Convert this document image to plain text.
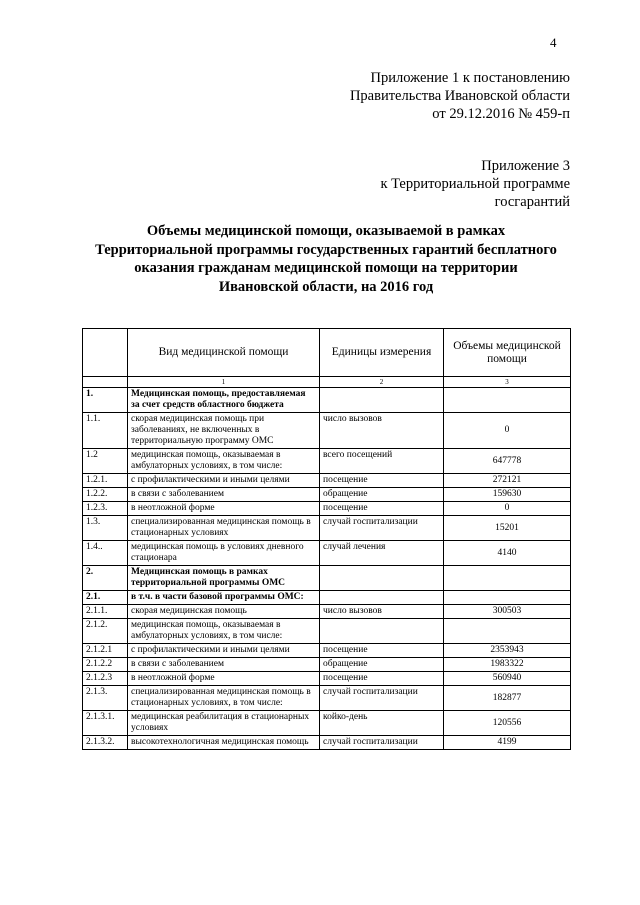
4
Приложение 1 к постановлению
Правительства Ивановской области
от 29.12.2016 № 459-п
Приложение 3
к Территориальной программе
госгарантий
Объемы медицинской помощи, оказываемой в рамках
Территориальной программы государственных гарантий бесплатного
оказания гражданам медицинской помощи на территории
Ивановской области, на 2016 год
	Вид медицинской помощи	Единицы измерения	Объемы медицинской помощи
	1	2	3
1.	Медицинская помощь, предоставляемая за счет средств областного бюджета		
1.1.	скорая медицинская помощь при заболеваниях, не включенных в территориальную программу ОМС	число вызовов	0
1.2	медицинская помощь, оказываемая в амбулаторных условиях, в том числе:	всего посещений	647778
1.2.1.	с профилактическими и иными целями	посещение	272121
1.2.2.	в связи с заболеванием	обращение	159630
1.2.3.	в неотложной форме	посещение	0
1.3.	специализированная медицинская помощь в стационарных условиях	случай госпитализации	15201
1.4..	медицинская помощь в условиях дневного стационара	случай лечения	4140
2.	Медицинская помощь в рамках территориальной программы ОМС		
2.1.	в т.ч. в части базовой программы ОМС:		
2.1.1.	скорая медицинская помощь	число вызовов	300503
2.1.2.	медицинская помощь, оказываемая в амбулаторных условиях, в том числе:		
2.1.2.1	с профилактическими и иными целями	посещение	2353943
2.1.2.2	в связи с заболеванием	обращение	1983322
2.1.2.3	в неотложной форме	посещение	560940
2.1.3.	специализированная медицинская помощь в стационарных условиях, в том числе:	случай госпитализации	182877
2.1.3.1.	медицинская реабилитация в стационарных условиях	койко-день	120556
2.1.3.2.	высокотехнологичная медицинская помощь	случай госпитализации	4199
